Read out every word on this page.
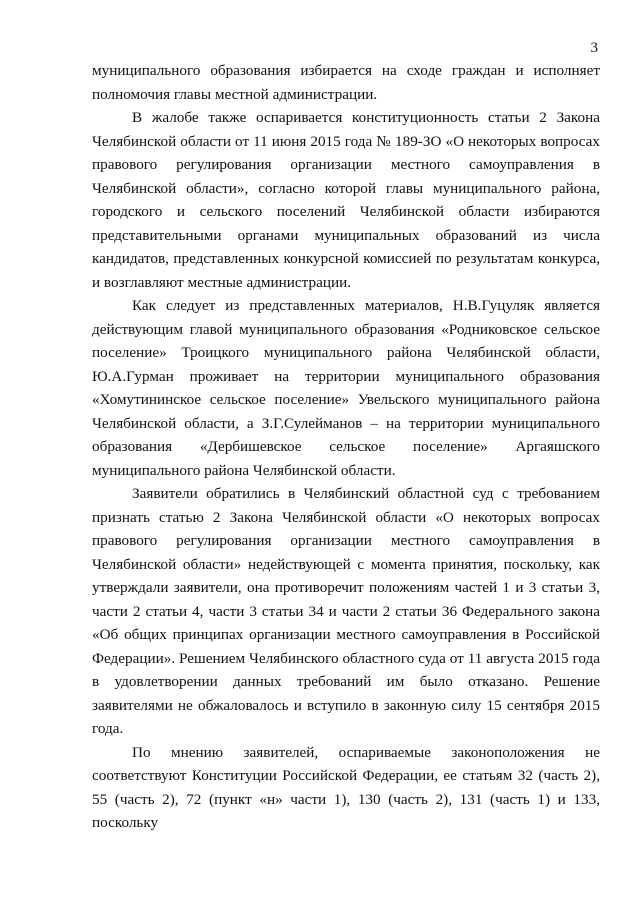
3

муниципального образования избирается на сходе граждан и исполняет полномочия главы местной администрации.

В жалобе также оспаривается конституционность статьи 2 Закона Челябинской области от 11 июня 2015 года № 189-ЗО «О некоторых вопросах правового регулирования организации местного самоуправления в Челябинской области», согласно которой главы муниципального района, городского и сельского поселений Челябинской области избираются представительными органами муниципальных образований из числа кандидатов, представленных конкурсной комиссией по результатам конкурса, и возглавляют местные администрации.

Как следует из представленных материалов, Н.В.Гуцуляк является действующим главой муниципального образования «Родниковское сельское поселение» Троицкого муниципального района Челябинской области, Ю.А.Гурман проживает на территории муниципального образования «Хомутининское сельское поселение» Увельского муниципального района Челябинской области, а З.Г.Сулейманов – на территории муниципального образования «Дербишевское сельское поселение» Аргаяшского муниципального района Челябинской области.

Заявители обратились в Челябинский областной суд с требованием признать статью 2 Закона Челябинской области «О некоторых вопросах правового регулирования организации местного самоуправления в Челябинской области» недействующей с момента принятия, поскольку, как утверждали заявители, она противоречит положениям частей 1 и 3 статьи 3, части 2 статьи 4, части 3 статьи 34 и части 2 статьи 36 Федерального закона «Об общих принципах организации местного самоуправления в Российской Федерации». Решением Челябинского областного суда от 11 августа 2015 года в удовлетворении данных требований им было отказано. Решение заявителями не обжаловалось и вступило в законную силу 15 сентября 2015 года.

По мнению заявителей, оспариваемые законоположения не соответствуют Конституции Российской Федерации, ее статьям 32 (часть 2), 55 (часть 2), 72 (пункт «н» части 1), 130 (часть 2), 131 (часть 1) и 133, поскольку
